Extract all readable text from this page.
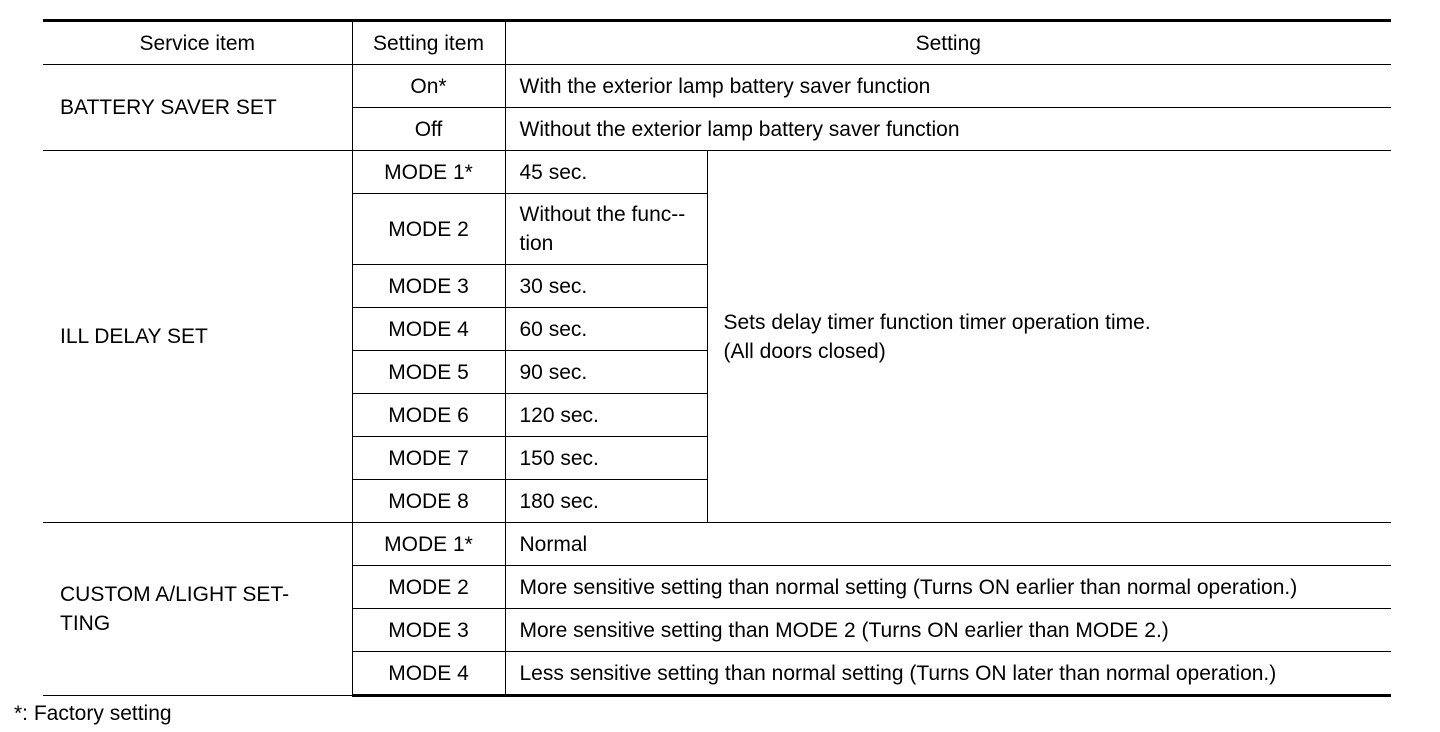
Service item	Setting item	Setting	
BATTERY SAVER SET	On*	With the exterior lamp battery saver function	
	Off	Without the exterior lamp battery saver function	
ILL DELAY SET	MODE 1*	45 sec.	Sets delay timer function timer operation time.
(All doors closed)

	MODE 2	Without the func-tion	
	MODE 3	30 sec.	
	MODE 4	60 sec.	
	MODE 5	90 sec.	
	MODE 6	120 sec.	
	MODE 7	150 sec.	
	MODE 8	180 sec.	
CUSTOM A/LIGHT SET-TING	MODE 1*	Normal	
	MODE 2	More sensitive setting than normal setting (Turns ON earlier than normal operation.)	
	MODE 3	More sensitive setting than MODE 2 (Turns ON earlier than MODE 2.)	
	MODE 4	Less sensitive setting than normal setting (Turns ON later than normal operation.)	
*: Factory setting
